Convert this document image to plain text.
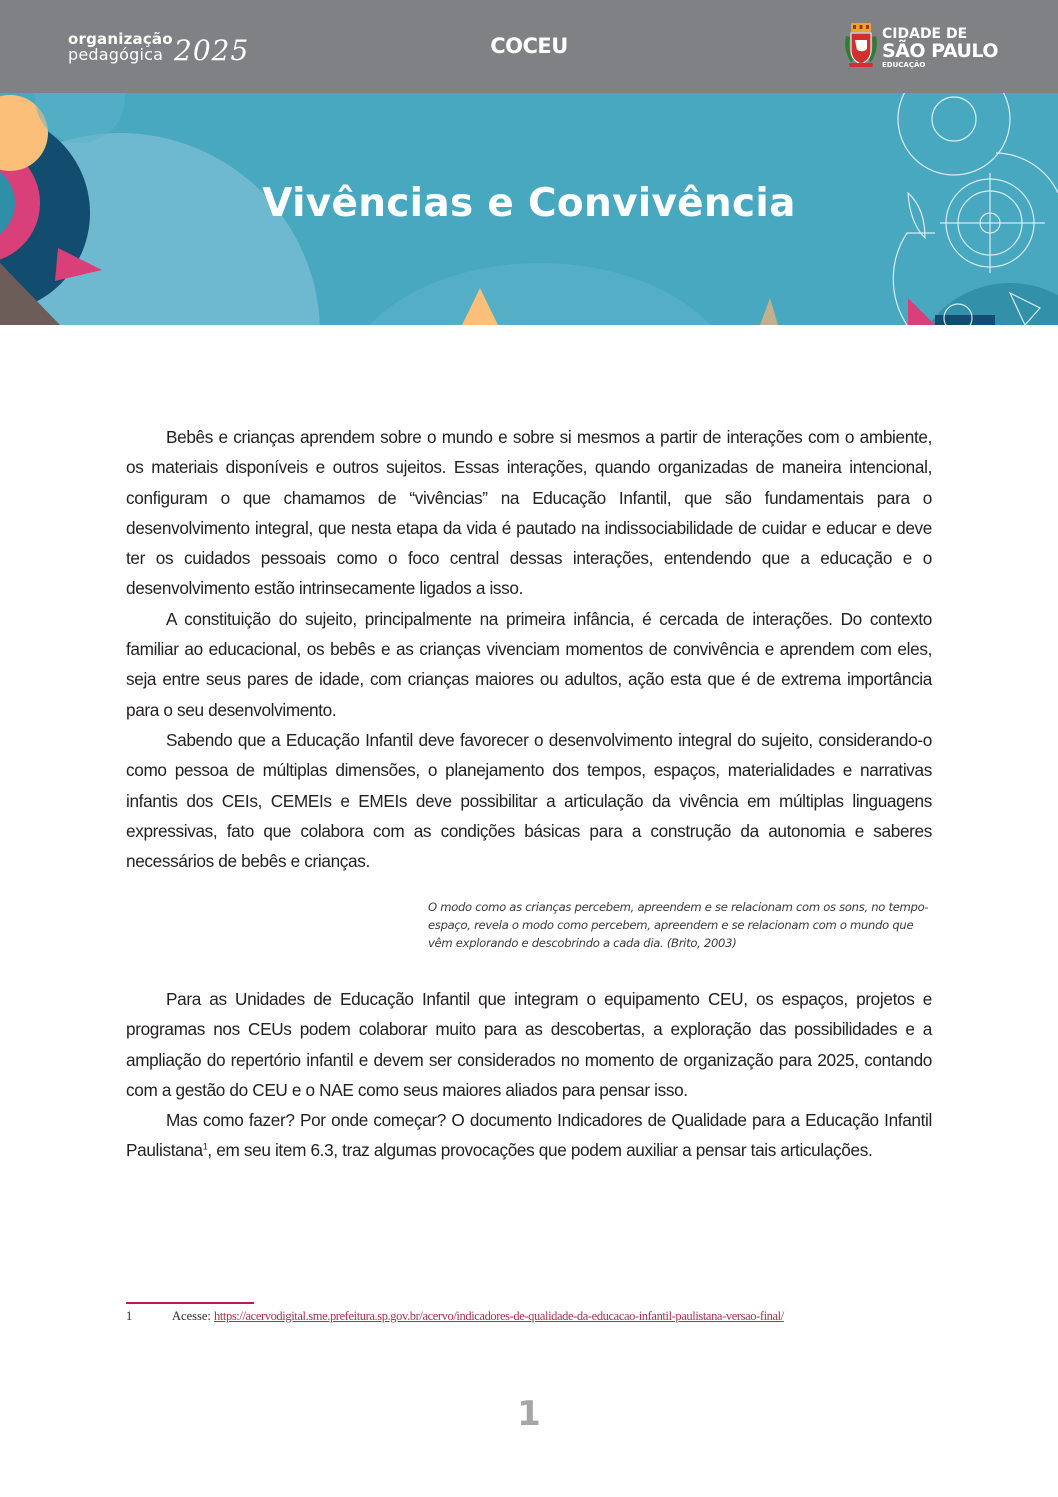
organização
pedagógica 2025	COCEU	CIDADE DE
SÃO PAULO
EDUCAÇÃO
Vivências e Convivência

Bebês e crianças aprendem sobre o mundo e sobre si mesmos a partir de interações com o ambiente, os materiais disponíveis e outros sujeitos. Essas interações, quando organizadas de maneira intencional, configuram o que chamamos de “vivências” na Educação Infantil, que são fundamentais para o desenvolvimento integral, que nesta etapa da vida é pautado na indissociabilidade de cuidar e educar e deve ter os cuidados pessoais como o foco central dessas interações, entendendo que a educação e o desenvolvimento estão intrinsecamente ligados a isso.

A constituição do sujeito, principalmente na primeira infância, é cercada de interações. Do contexto familiar ao educacional, os bebês e as crianças vivenciam momentos de convivência e aprendem com eles, seja entre seus pares de idade, com crianças maiores ou adultos, ação esta que é de extrema importância para o seu desenvolvimento.

Sabendo que a Educação Infantil deve favorecer o desenvolvimento integral do sujeito, considerando-o como pessoa de múltiplas dimensões, o planejamento dos tempos, espaços, materialidades e narrativas infantis dos CEIs, CEMEIs e EMEIs deve possibilitar a articulação da vivência em múltiplas linguagens expressivas, fato que colabora com as condições básicas para a construção da autonomia e saberes necessários de bebês e crianças.

O modo como as crianças percebem, apreendem e se relacionam com os sons, no tempo-espaço, revela o modo como percebem, apreendem e se relacionam com o mundo que vêm explorando e descobrindo a cada dia. (Brito, 2003)

Para as Unidades de Educação Infantil que integram o equipamento CEU, os espaços, projetos e programas nos CEUs podem colaborar muito para as descobertas, a exploração das possibilidades e a ampliação do repertório infantil e devem ser considerados no momento de organização para 2025, contando com a gestão do CEU e o NAE como seus maiores aliados para pensar isso.

Mas como fazer? Por onde começar? O documento Indicadores de Qualidade para a Educação Infantil Paulistana$^1$, em seu item 6.3, traz algumas provocações que podem auxiliar a pensar tais articulações.

1	Acesse: https://acervodigital.sme.prefeitura.sp.gov.br/acervo/indicadores-de-qualidade-da-educacao-infantil-paulistana-versao-final/
1
